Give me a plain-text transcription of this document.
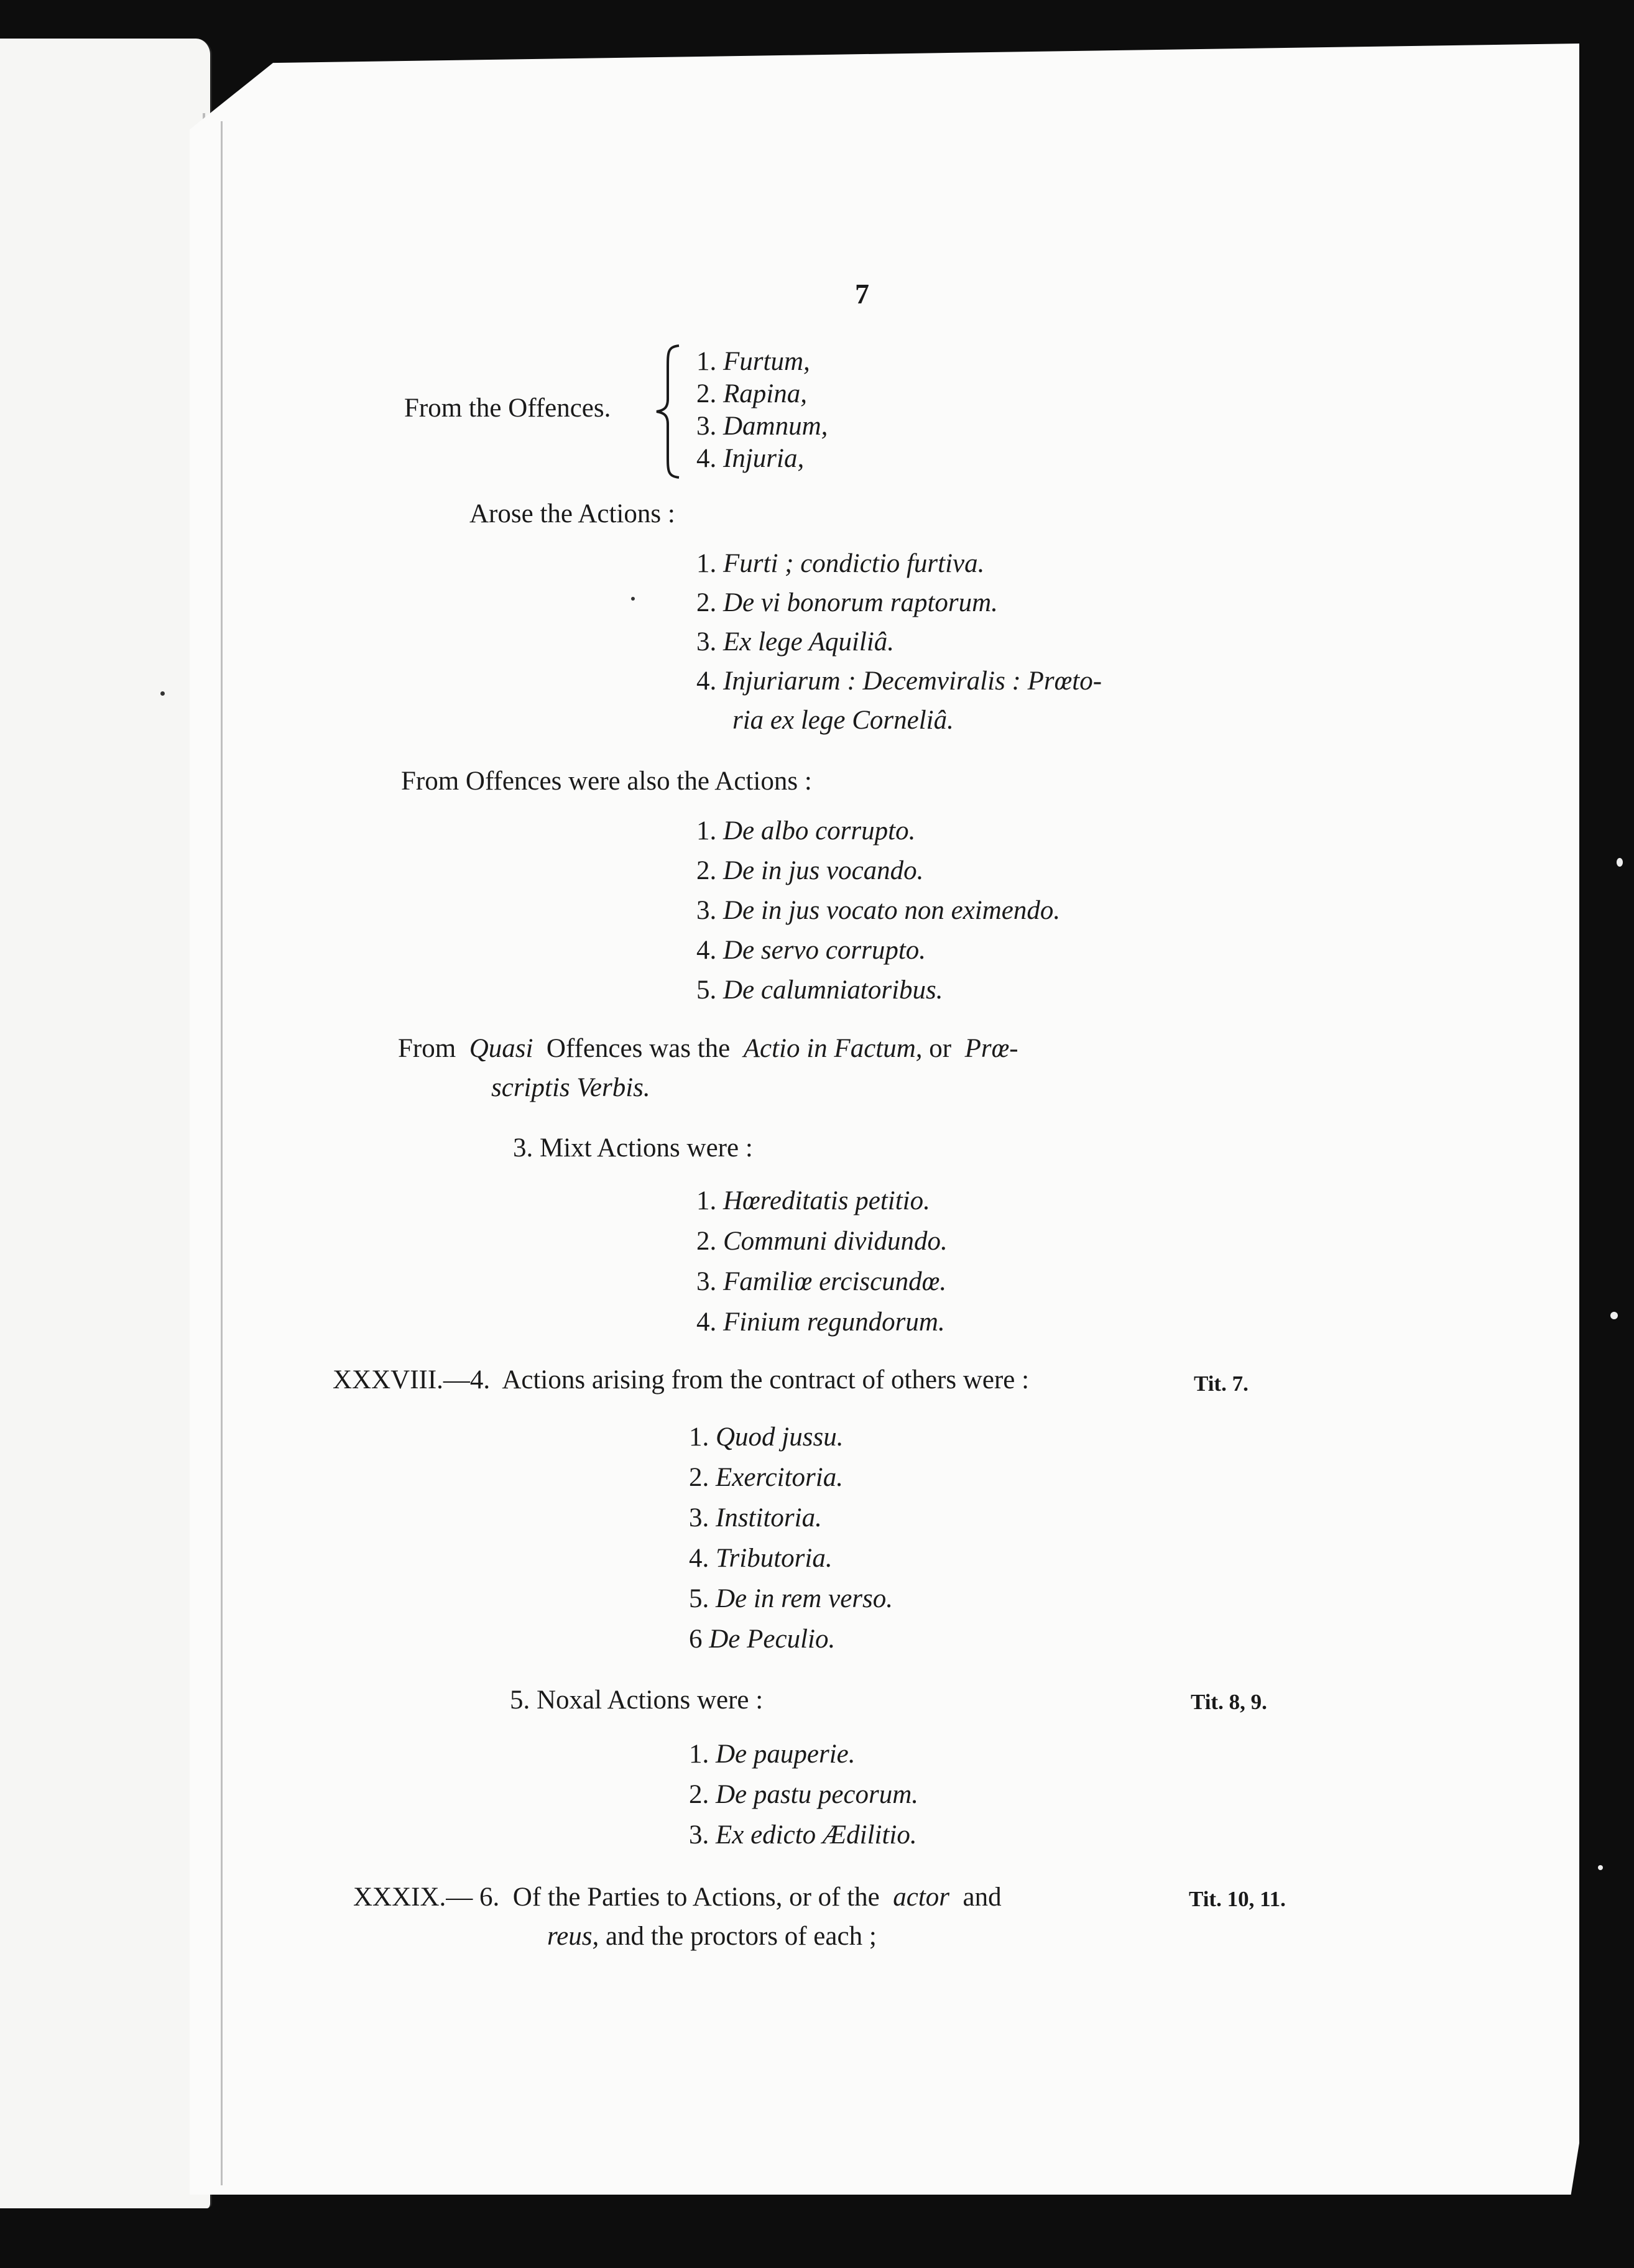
7
From the Offences.
1. Furtum,
2. Rapina,
3. Damnum,
4. Injuria,
Arose the Actions :
1. Furti ; condictio furtiva.
2. De vi bonorum raptorum.
3. Ex lege Aquiliâ.
4. Injuriarum : Decemviralis : Prœto-
ria ex lege Corneliâ.
From Offences were also the Actions :
1. De albo corrupto.
2. De in jus vocando.
3. De in jus vocato non eximendo.
4. De servo corrupto.
5. De calumniatoribus.
From Quasi Offences was the Actio in Factum, or Prœ-
scriptis Verbis.
3. Mixt Actions were :
1. Hœreditatis petitio.
2. Communi dividundo.
3. Familiœ erciscundœ.
4. Finium regundorum.
XXXVIII.—4. Actions arising from the contract of others were :	Tit. 7.
1. Quod jussu.
2. Exercitoria.
3. Institoria.
4. Tributoria.
5. De in rem verso.
6 De Peculio.
5. Noxal Actions were :	Tit. 8, 9.
1. De pauperie.
2. De pastu pecorum.
3. Ex edicto Ædilitio.
XXXIX.— 6. Of the Parties to Actions, or of the actor and	Tit. 10, 11.
reus, and the proctors of each ;
